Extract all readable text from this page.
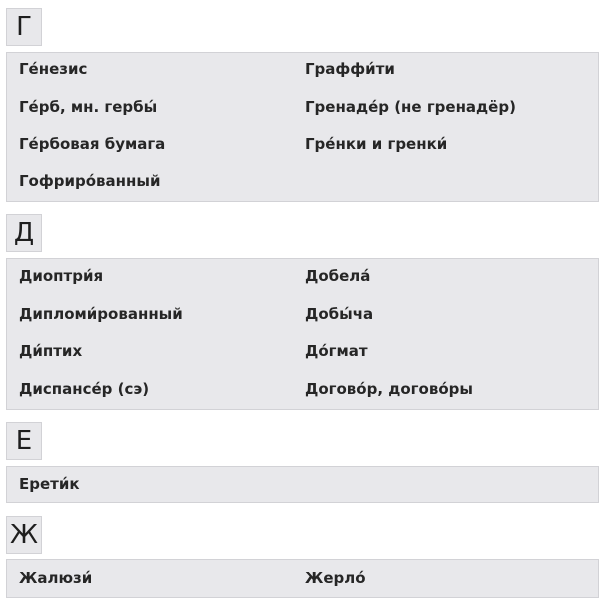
Г
Ге́незис
Ге́рб, мн. гербы́
Ге́рбовая бумага
Гофриро́ванный
Граффи́ти
Гренаде́р (не гренадёр)
Гре́нки и гренки́
Д
Диоптри́я
Дипломи́рованный
Ди́птих
Диспансе́р (сэ)
Добела́
Добы́ча
До́гмат
Догово́р, догово́ры
Е
Ерети́к
Ж
Жалюзи́	Жерло́
